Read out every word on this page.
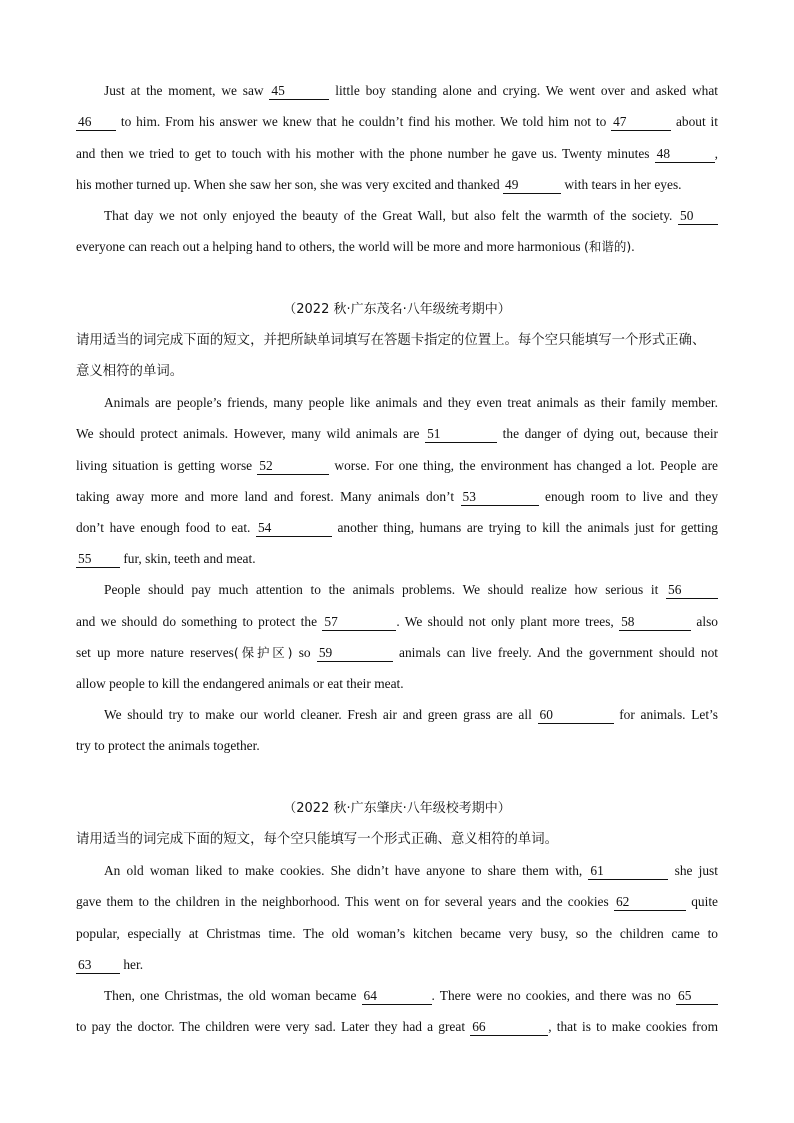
Just at the moment, we saw 45	little boy standing alone and crying. We went over and asked what
46 to him. From his answer we knew that he couldn’t find his mother. We told him not to 47	about it
and then we tried to get to touch with his mother with the phone number he gave us. Twenty minutes 48	,
his mother turned up. When she saw her son, she was very excited and thanked 49	with tears in her eyes.
That day we not only enjoyed the beauty of the Great Wall, but also felt the warmth of the society. 50
everyone can reach out a helping hand to others, the world will be more and more harmonious (和谐的).
（2022 秋·广东茂名·八年级统考期中）
请用适当的词完成下面的短文，并把所缺单词填写在答题卡指定的位置上。每个空只能填写一个形式正确、
意义相符的单词。
Animals are people’s friends, many people like animals and they even treat animals as their family member.
We should protect animals. However, many wild animals are 51	the danger of dying out, because their
living situation is getting worse 52	worse. For one thing, the environment has changed a lot. People are
taking away more and more land and forest. Many animals don’t 53	enough room to live and they
don’t have enough food to eat. 54	another thing, humans are trying to kill the animals just for getting
55 fur, skin, teeth and meat.
People should pay much attention to the animals problems. We should realize how serious it 56
and we should do something to protect the 57	. We should not only plant more trees, 58	also
set up more nature reserves(保护区) so 59	animals can live freely. And the government should not
allow people to kill the endangered animals or eat their meat.
We should try to make our world cleaner. Fresh air and green grass are all 60	for animals. Let’s
try to protect the animals together.
（2022 秋·广东肇庆·八年级校考期中）
请用适当的词完成下面的短文，每个空只能填写一个形式正确、意义相符的单词。
An old woman liked to make cookies. She didn’t have anyone to share them with, 61	she just
gave them to the children in the neighborhood. This went on for several years and the cookies 62	quite
popular, especially at Christmas time. The old woman’s kitchen became very busy, so the children came to
63 her.
Then, one Christmas, the old woman became 64	. There were no cookies, and there was no 65
to pay the doctor. The children were very sad. Later they had a great 66	, that is to make cookies from
